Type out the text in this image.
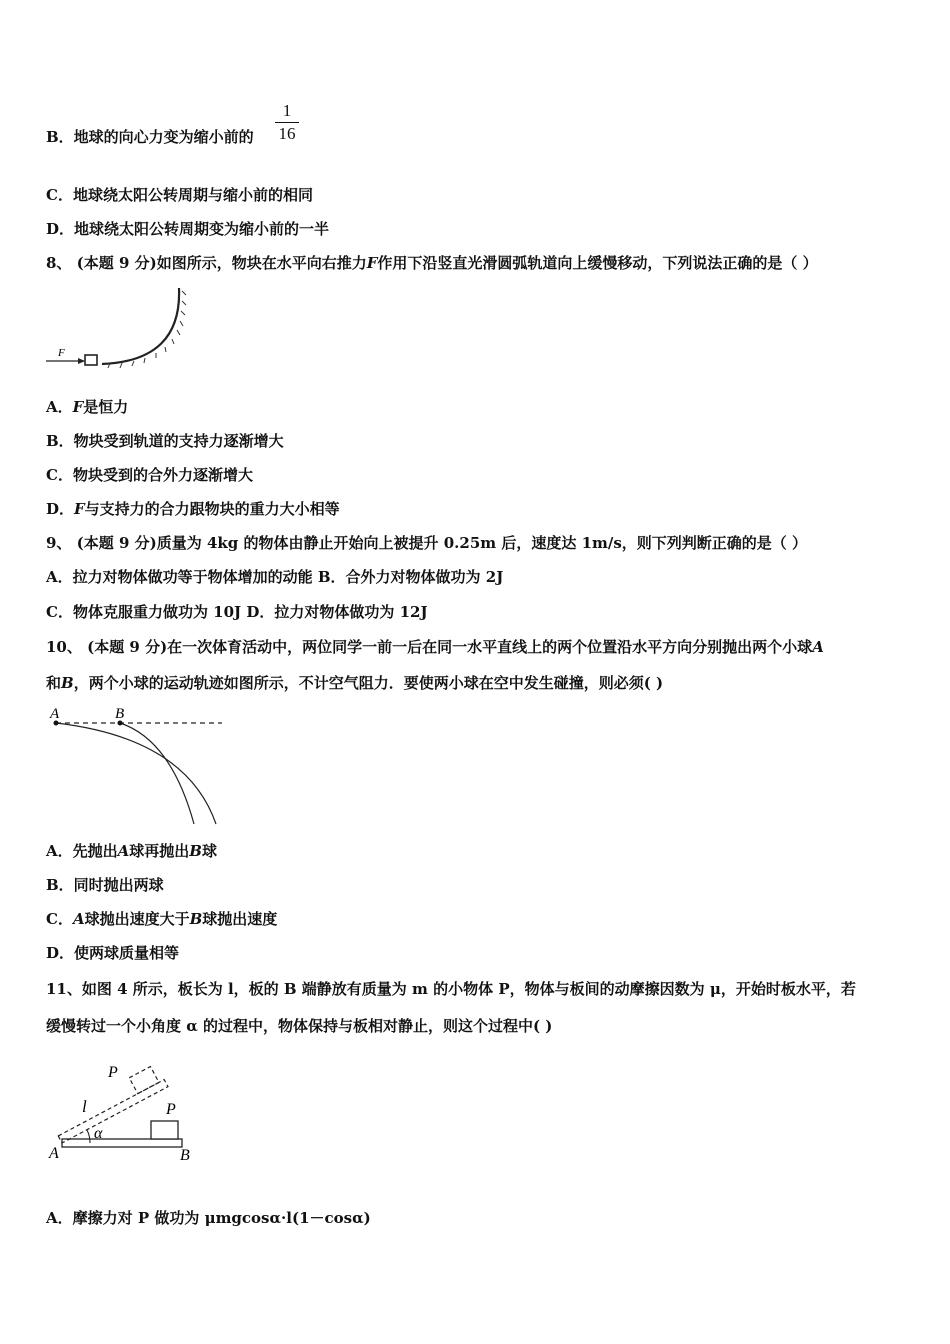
B．地球的向心力变为缩小前的
1
16
C．地球绕太阳公转周期与缩小前的相同
D．地球绕太阳公转周期变为缩小前的一半
8、 (本题 9 分)如图所示，物块在水平向右推力F作用下沿竖直光滑圆弧轨道向上缓慢移动，下列说法正确的是（ ）
F
A．F是恒力
B．物块受到轨道的支持力逐渐增大
C．物块受到的合外力逐渐增大
D．F与支持力的合力跟物块的重力大小相等
9、 (本题 9 分)质量为 4kg 的物体由静止开始向上被提升 0.25m 后，速度达 1m/s，则下列判断正确的是（ ）
A．拉力对物体做功等于物体增加的动能 B．合外力对物体做功为 2J
C．物体克服重力做功为 10J D．拉力对物体做功为 12J
10、 (本题 9 分)在一次体育活动中，两位同学一前一后在同一水平直线上的两个位置沿水平方向分别抛出两个小球A
和B，两个小球的运动轨迹如图所示，不计空气阻力．要使两小球在空中发生碰撞，则必须( )
A	B
A．先抛出A球再抛出B球
B．同时抛出两球
C．A球抛出速度大于B球抛出速度
D．使两球质量相等
11、如图 4 所示，板长为 l，板的 B 端静放有质量为 m 的小物体 P，物体与板间的动摩擦因数为 μ，开始时板水平，若
缓慢转过一个小角度 α 的过程中，物体保持与板相对静止，则这个过程中( )
P
P
l
α
A	B
A．摩擦力对 P 做功为 μmgcosα·l(1－cosα)
